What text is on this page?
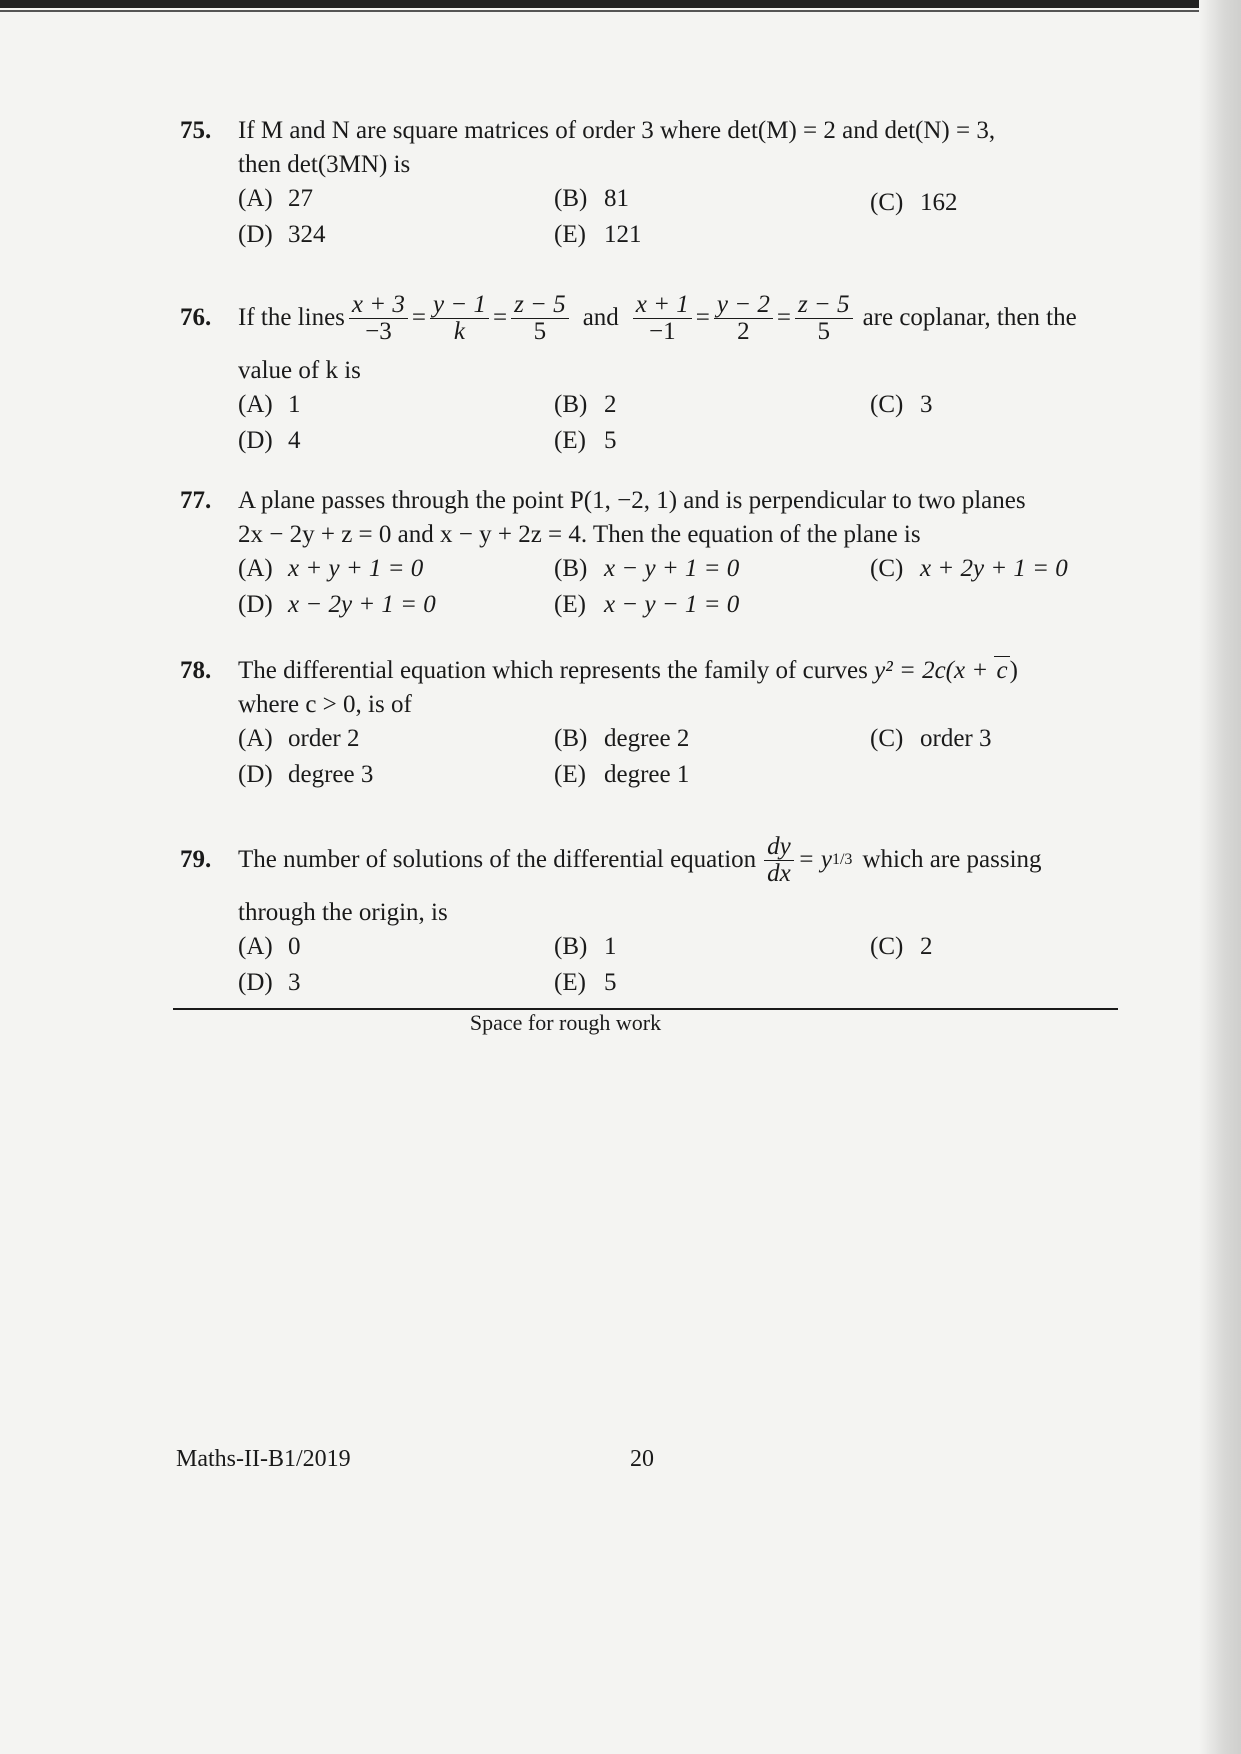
75. If M and N are square matrices of order 3 where det(M) = 2 and det(N) = 3,
then det(3MN) is
(A) 27	(B) 81	(C) 162
(D) 324	(E) 121
76. If the lines $\frac{x + 3}{-3} = \frac{y - 1}{k} = \frac{z - 5}{5}$ and $\frac{x + 1}{-1} = \frac{y - 2}{2} = \frac{z - 5}{5}$ are coplanar, then the
value of k is
(A) 1	(B) 2	(C) 3
(D) 4	(E) 5
77. A plane passes through the point P(1, −2, 1) and is perpendicular to two planes
2x − 2y + z = 0 and x − y + 2z = 4. Then the equation of the plane is
(A) x + y + 1 = 0	(B) x − y + 1 = 0	(C) x + 2y + 1 = 0
(D) x − 2y + 1 = 0	(E) x − y − 1 = 0
78. The differential equation which represents the family of curves y² = 2c(x + c)
where c > 0, is of
(A) order 2	(B) degree 2	(C) order 3
(D) degree 3	(E) degree 1
79. The number of solutions of the differential equation $\frac{dy}{dx} = y$ 1/3 which are passing
through the origin, is
(A) 0	(B) 1	(C) 2
(D) 3	(E) 5
Space for rough work
Maths-II-B1/2019	20
